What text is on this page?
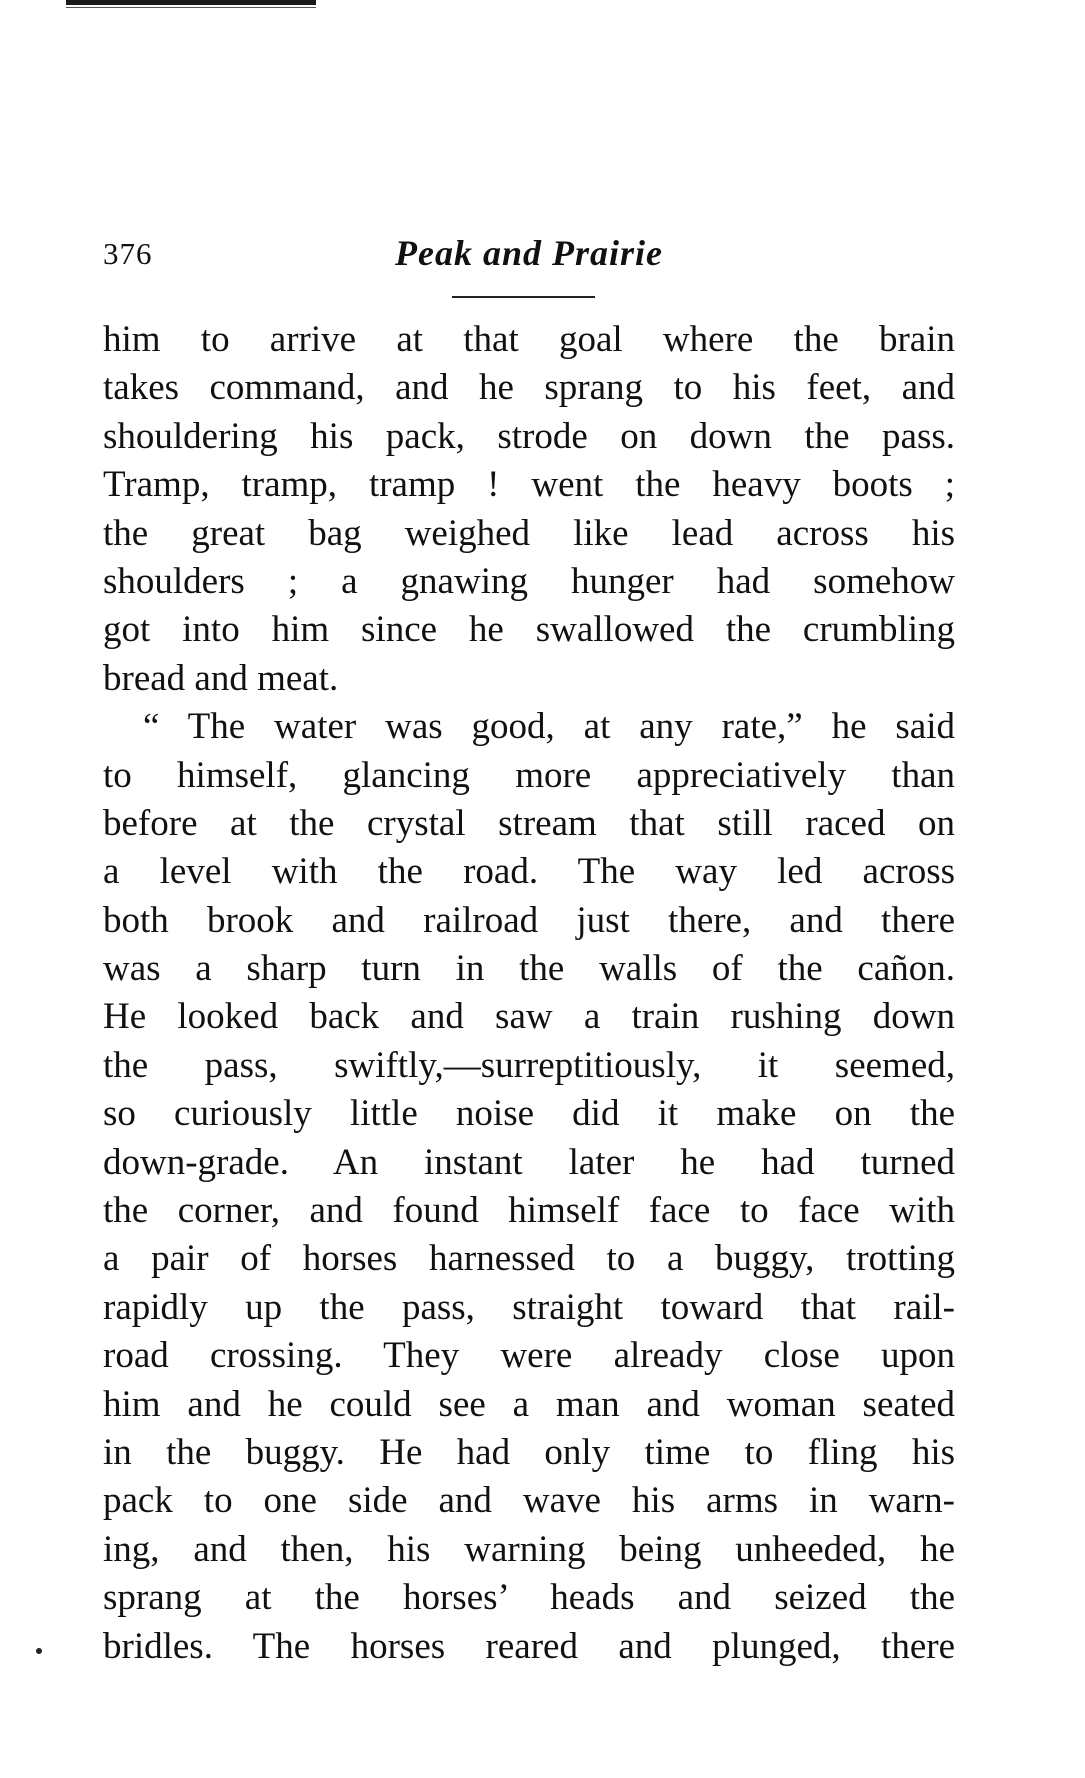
376	Peak and Prairie
him to arrive at that goal where the brain
takes command, and he sprang to his feet, and
shouldering his pack, strode on down the pass.
Tramp, tramp, tramp ! went the heavy boots ;
the great bag weighed like lead across his
shoulders ; a gnawing hunger had somehow
got into him since he swallowed the crumbling
bread and meat.
“ The water was good, at any rate,” he said
to himself, glancing more appreciatively than
before at the crystal stream that still raced on
a level with the road. The way led across
both brook and railroad just there, and there
was a sharp turn in the walls of the cañon.
He looked back and saw a train rushing down
the pass, swiftly,—surreptitiously, it seemed,
so curiously little noise did it make on the
down-grade. An instant later he had turned
the corner, and found himself face to face with
a pair of horses harnessed to a buggy, trotting
rapidly up the pass, straight toward that rail-
road crossing. They were already close upon
him and he could see a man and woman seated
in the buggy. He had only time to fling his
pack to one side and wave his arms in warn-
ing, and then, his warning being unheeded, he
sprang at the horses’ heads and seized the
bridles. The horses reared and plunged, there
